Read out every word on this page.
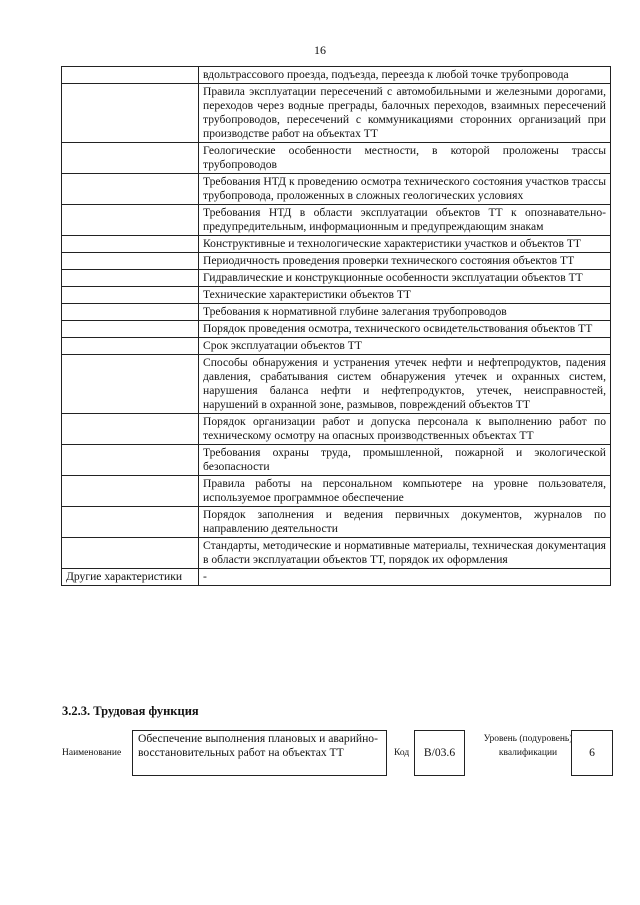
16
	вдольтрассового проезда, подъезда, переезда к любой точке трубопровода
	Правила эксплуатации пересечений с автомобильными и железными дорогами, переходов через водные преграды, балочных переходов, взаимных пересечений трубопроводов, пересечений с коммуникациями сторонних организаций при производстве работ на объектах ТТ
	Геологические особенности местности, в которой проложены трассы трубопроводов
	Требования НТД к проведению осмотра технического состояния участков трассы трубопровода, проложенных в сложных геологических условиях
	Требования НТД в области эксплуатации объектов ТТ к опознавательно-предупредительным, информационным и предупреждающим знакам
	Конструктивные и технологические характеристики участков и объектов ТТ
	Периодичность проведения проверки технического состояния объектов ТТ
	Гидравлические и конструкционные особенности эксплуатации объектов ТТ
	Технические характеристики объектов ТТ
	Требования к нормативной глубине залегания трубопроводов
	Порядок проведения осмотра, технического освидетельствования объектов ТТ
	Срок эксплуатации объектов ТТ
	Способы обнаружения и устранения утечек нефти и нефтепродуктов, падения давления, срабатывания систем обнаружения утечек и охранных систем, нарушения баланса нефти и нефтепродуктов, утечек, неисправностей, нарушений в охранной зоне, размывов, повреждений объектов ТТ
	Порядок организации работ и допуска персонала к выполнению работ по техническому осмотру на опасных производственных объектах ТТ
	Требования охраны труда, промышленной, пожарной и экологической безопасности
	Правила работы на персональном компьютере на уровне пользователя, используемое программное обеспечение
	Порядок заполнения и ведения первичных документов, журналов по направлению деятельности
	Стандарты, методические и нормативные материалы, техническая документация в области эксплуатации объектов ТТ, порядок их оформления
Другие характеристики	-
3.2.3. Трудовая функция
Наименование
Обеспечение выполнения плановых и аварийно-восстановительных работ на объектах ТТ	Код	В/03.6
Уровень (подуровень) квалификации	6
